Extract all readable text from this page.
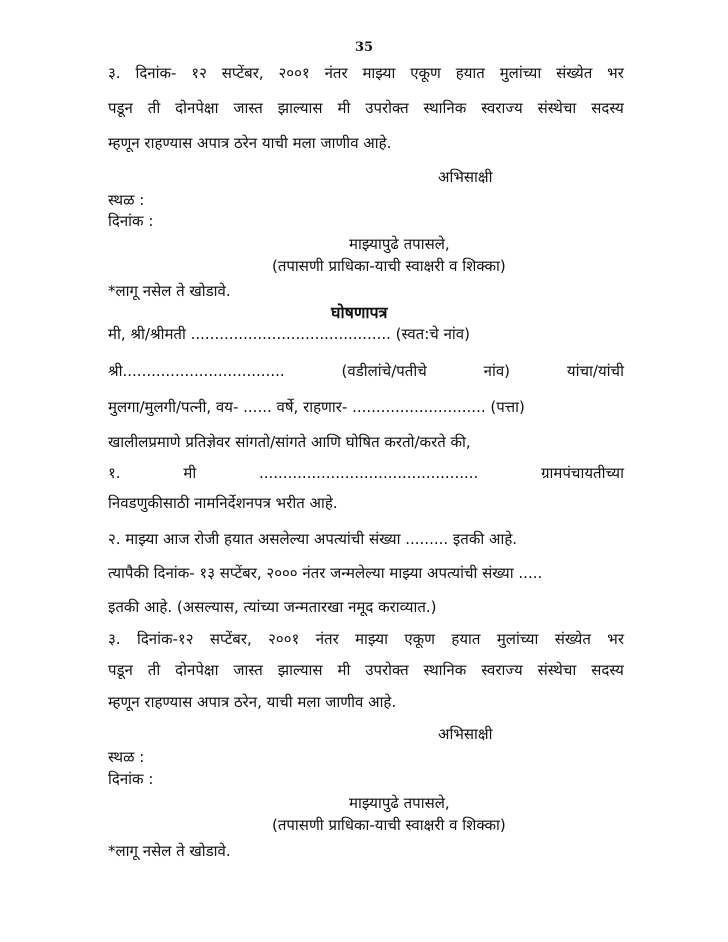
35
३. दिनांक- १२ सप्टेंबर, २००१ नंतर माझ्या एकूण हयात मुलांच्या संख्येत भर
पडून ती दोनपेक्षा जास्त झाल्यास मी उपरोक्त स्थानिक स्वराज्य संस्थेचा सदस्य
म्हणून राहण्यास अपात्र ठरेन याची मला जाणीव आहे.
अभिसाक्षी
स्थळ :
दिनांक :
माझ्यापुढे तपासले,
(तपासणी प्राधिका-याची स्वाक्षरी व शिक्का)
*लागू नसेल ते खोडावे.
घोषणापत्र
मी, श्री/श्रीमती .......................................... (स्वत:चे नांव)
श्री..................................	(वडीलांचे/पतीचे	नांव)	यांचा/यांची
मुलगा/मुलगी/पत्नी, वय- ...... वर्षे, राहणार- ............................ (पत्ता)
खालीलप्रमाणे प्रतिज्ञेवर सांगतो/सांगते आणि घोषित करतो/करते की,
१.	मी	..............................................	ग्रामपंचायतीच्या
निवडणुकीसाठी नामनिर्देशनपत्र भरीत आहे.
२. माझ्या आज रोजी हयात असलेल्या अपत्यांची संख्या ......... इतकी आहे.
त्यापैकी दिनांक- १३ सप्टेंबर, २००० नंतर जन्मलेल्या माझ्या अपत्यांची संख्या .....
इतकी आहे. (असल्यास, त्यांच्या जन्मतारखा नमूद कराव्यात.)
३. दिनांक-१२ सप्टेंबर, २००१ नंतर माझ्या एकूण हयात मुलांच्या संख्येत भर
पडून ती दोनपेक्षा जास्त झाल्यास मी उपरोक्त स्थानिक स्वराज्य संस्थेचा सदस्य
म्हणून राहण्यास अपात्र ठरेन, याची मला जाणीव आहे.
अभिसाक्षी
स्थळ :
दिनांक :
माझ्यापुढे तपासले,
(तपासणी प्राधिका-याची स्वाक्षरी व शिक्का)
*लागू नसेल ते खोडावे.
